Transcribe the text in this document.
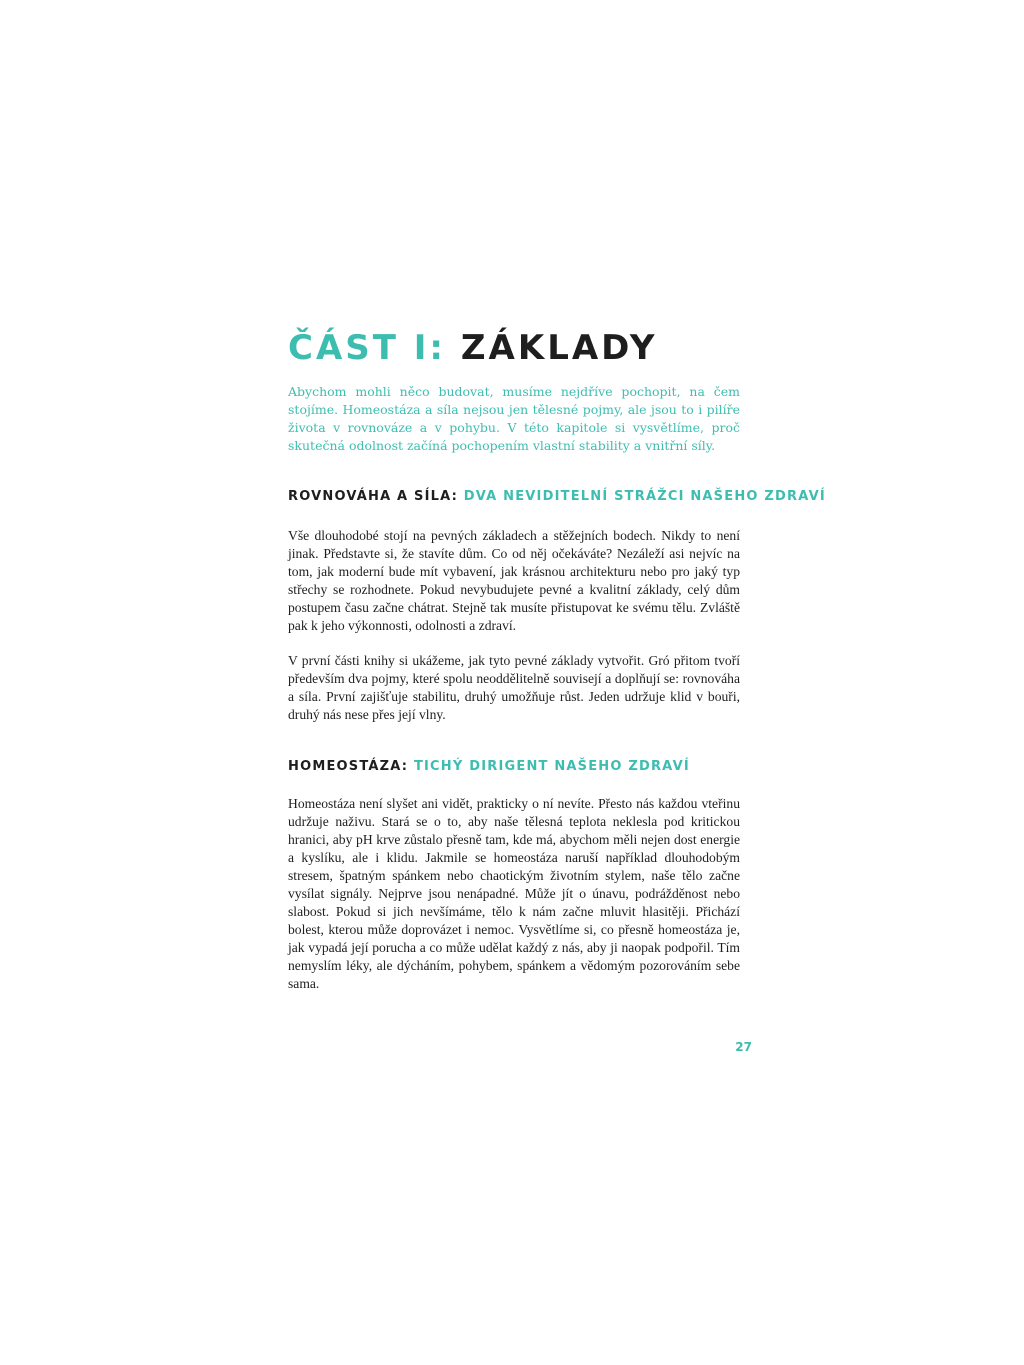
ČÁST I: ZÁKLADY

Abychom mohli něco budovat, musíme nejdříve pochopit, na čem stojíme. Homeostáza a síla nejsou jen tělesné pojmy, ale jsou to i pilíře života v rovnováze a v pohybu. V této kapitole si vysvětlíme, proč skutečná odolnost začíná pochopením vlastní stability a vnitřní síly.

ROVNOVÁHA A SÍLA: DVA NEVIDITELNÍ STRÁŽCI NAŠEHO ZDRAVÍ

Vše dlouhodobé stojí na pevných základech a stěžejních bodech. Nikdy to není jinak. Představte si, že stavíte dům. Co od něj očekáváte? Nezáleží asi nejvíc na tom, jak moderní bude mít vybavení, jak krásnou architekturu nebo pro jaký typ střechy se rozhodnete. Pokud nevybudujete pevné a kvalitní základy, celý dům postupem času začne chátrat. Stejně tak musíte přistupovat ke svému tělu. Zvláště pak k jeho výkonnosti, odolnosti a zdraví.

V první části knihy si ukážeme, jak tyto pevné základy vytvořit. Gró přitom tvoří především dva pojmy, které spolu neoddělitelně souvisejí a doplňují se: rovnováha a síla. První zajišťuje stabilitu, druhý umožňuje růst. Jeden udržuje klid v bouři, druhý nás nese přes její vlny.

HOMEOSTÁZA: TICHÝ DIRIGENT NAŠEHO ZDRAVÍ

Homeostáza není slyšet ani vidět, prakticky o ní nevíte. Přesto nás každou vteřinu udržuje naživu. Stará se o to, aby naše tělesná teplota neklesla pod kritickou hranici, aby pH krve zůstalo přesně tam, kde má, abychom měli nejen dost energie a kyslíku, ale i klidu. Jakmile se homeostáza naruší například dlouhodobým stresem, špatným spánkem nebo chaotickým životním stylem, naše tělo začne vysílat signály. Nejprve jsou nenápadné. Může jít o únavu, podrážděnost nebo slabost. Pokud si jich nevšímáme, tělo k nám začne mluvit hlasitěji. Přichází bolest, kterou může doprovázet i nemoc. Vysvětlíme si, co přesně homeostáza je, jak vypadá její porucha a co může udělat každý z nás, aby ji naopak podpořil. Tím nemyslím léky, ale dýcháním, pohybem, spánkem a vědomým pozorováním sebe sama.

27
